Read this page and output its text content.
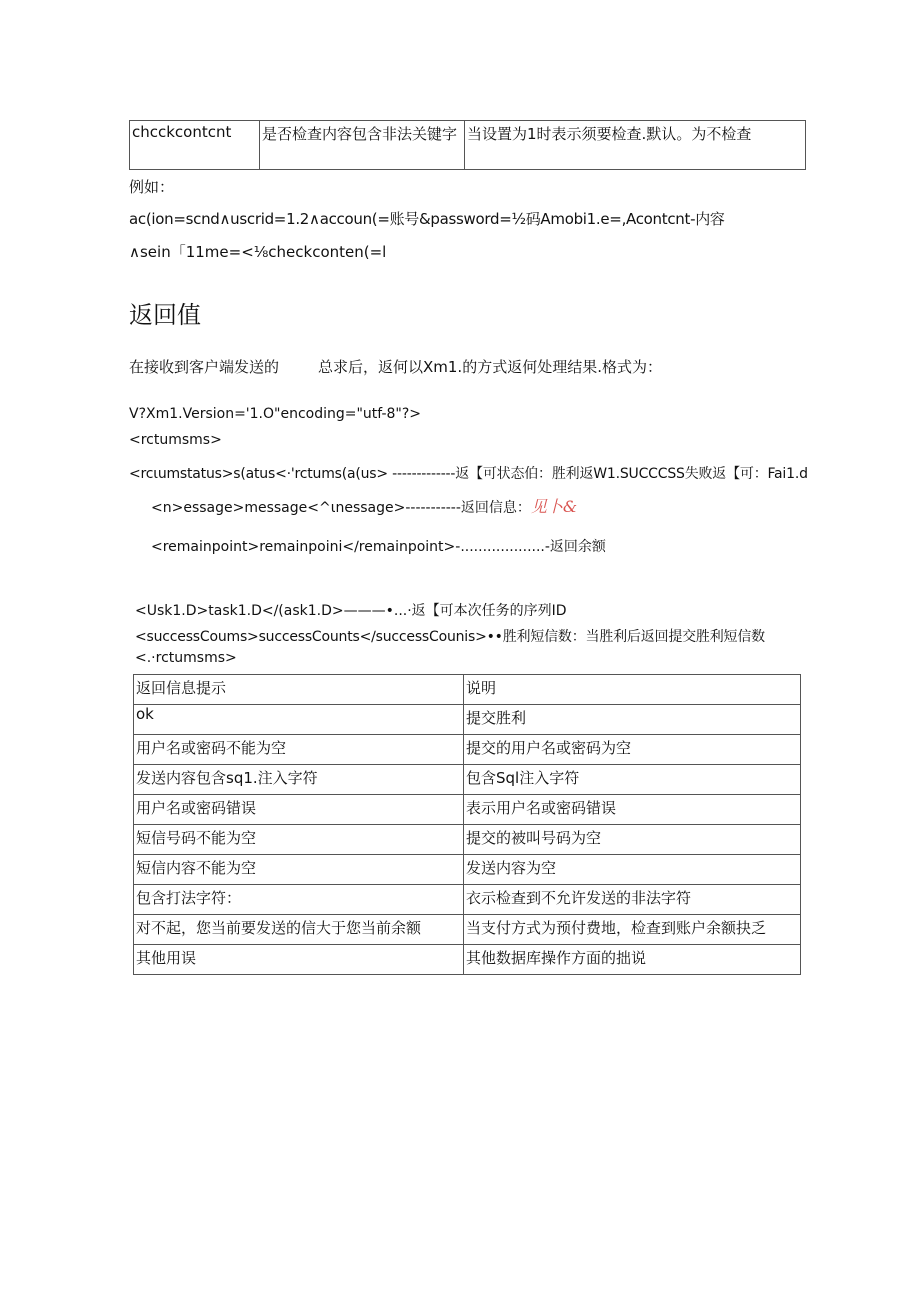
chcckcontcnt	是否检查内容包含非法关键字	当设置为1时表示须要检查.默认。为不检查
例如：
ac(ion=scnd∧uscrid=1.2∧accoun(=账号&password=½码Amobi1.e=,Acontcnt-内容
∧sein「11me=<⅛checkconten(=l
返回值
在接收到客户端发送的	总求后，返何以Xm1.的方式返何处理结果.格式为：
V?Xm1.Version='1.O"encoding="utf-8"?>
<rctumsms>
<rcιumstatus>s(atus<·'rctums(a(us> -------------返【可状态伯：胜利返W1.SUCCCSS失败返【可：Fai1.d
<n>essage>message<^ιnessage>-----------返回信息：见卜&
<remainpoint>remainpoini<∕remainpoint>-...................-返回余额
<Usk1.D>task1.D<∕(ask1.D>———•...·返【可本次任务的序列ID
<successCoums>successCounts<∕successCounis>••胜利短信数：当胜利后返回提交胜利短信数
<.·rctumsms>
返回信息提示	说明
ok	提交胜利
用户名或密码不能为空	提交的用户名或密码为空
发送内容包含sq1.注入字符	包含Sql注入字符
用户名或密码错误	表示用户名或密码错误
短信号码不能为空	提交的被叫号码为空
短信内容不能为空	发送内容为空
包含打法字符：	衣示检查到不允许发送的非法字符
对不起，您当前要发送的信大于您当前余额	当支付方式为预付费地，检查到账户余额抉乏
其他用误	其他数据库操作方面的拙说
